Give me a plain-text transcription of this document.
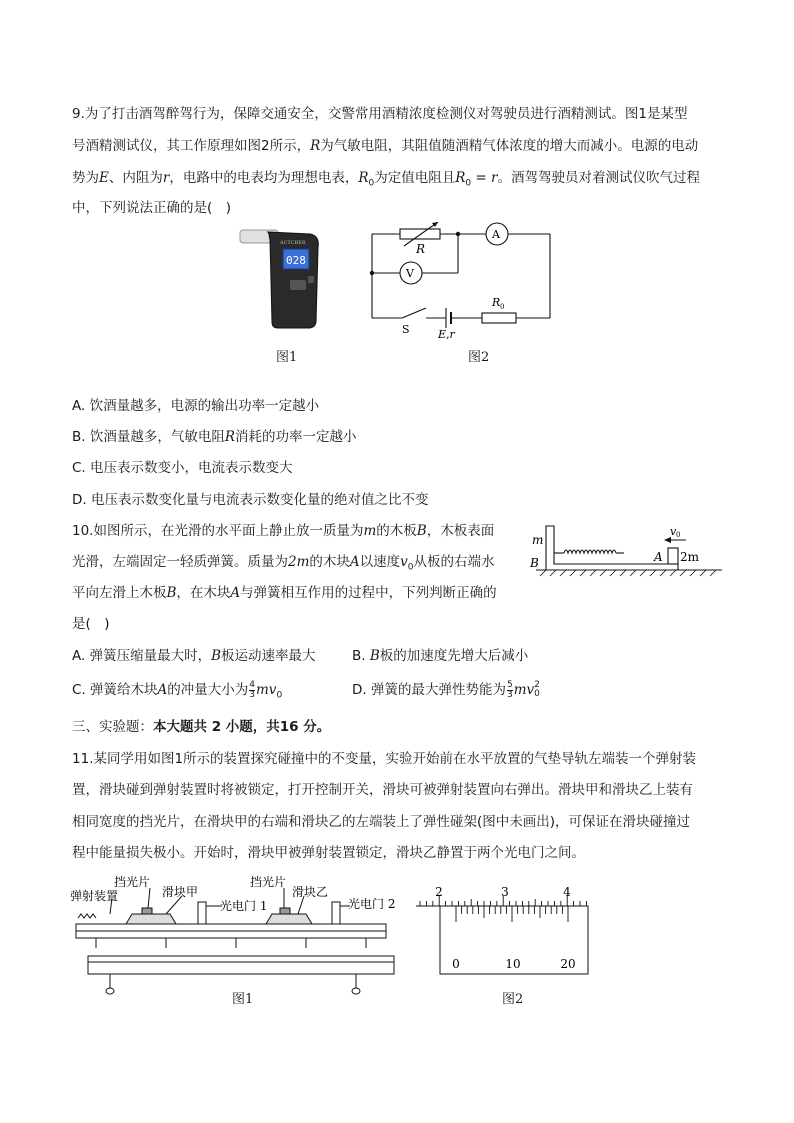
9.为了打击酒驾醉驾行为，保障交通安全，交警常用酒精浓度检测仪对驾驶员进行酒精测试。图1是某型
号酒精测试仪，其工作原理如图2所示，R为气敏电阻，其阻值随酒精气体浓度的增大而减小。电源的电动
势为E、内阻为r，电路中的电表均为理想电表，$R_0$为定值电阻且$R_0 = r$。酒驾驾驶员对着测试仪吹气过程
中，下列说法正确的是(　)
ACTCBER
028
图1
R
A
V
S	E,r
R 0
图2
A. 饮酒量越多，电源的输出功率一定越小
B. 饮酒量越多，气敏电阻R消耗的功率一定越小
C. 电压表示数变小，电流表示数变大
D. 电压表示数变化量与电流表示数变化量的绝对值之比不变
10.如图所示，在光滑的水平面上静止放一质量为m的木板B，木板表面
光滑，左端固定一轻质弹簧。质量为2m的木块A以速度$v_0$从板的右端水
平向左滑上木板B，在木块A与弹簧相互作用的过程中，下列判断正确的
是(　)
m
B
v 0
A 2m
A. 弹簧压缩量最大时，B板运动速率最大	B. B板的加速度先增大后减小
C. 弹簧给木块A的冲量大小为 $\frac{4}{3} mv_0$	D. 弹簧的最大弹性势能为 $\frac{5}{3}$ mv 2
0
三、实验题：本大题共 2 小题，共16 分。
11.某同学用如图1所示的装置探究碰撞中的不变量，实验开始前在水平放置的气垫导轨左端装一个弹射装
置，滑块碰到弹射装置时将被锁定，打开控制开关，滑块可被弹射装置向右弹出。滑块甲和滑块乙上装有
相同宽度的挡光片，在滑块甲的右端和滑块乙的左端装上了弹性碰架(图中未画出)，可保证在滑块碰撞过
程中能量损失极小。开始时，滑块甲被弹射装置锁定，滑块乙静置于两个光电门之间。
弹射装置
挡光片
滑块甲
光电门 1
挡光片
滑块乙
光电门 2
图1
2	3	4
0	10	20
图2
